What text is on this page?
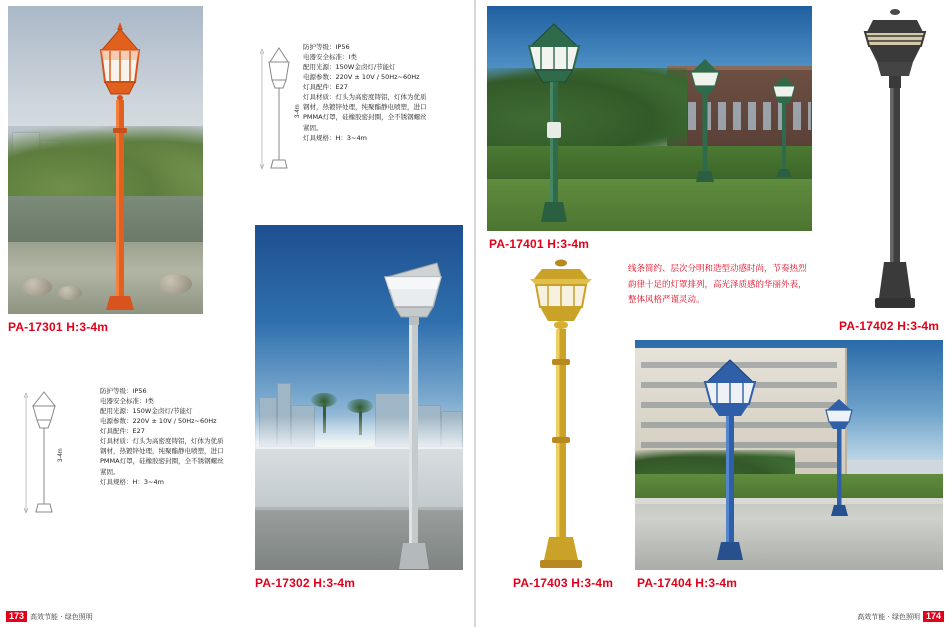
PA-17301 H:3-4m
3-4m
防护等级：IP56
电器安全标准：I类
配用光源：150W金卤灯/节能灯
电源参数：220V ± 10V / 50Hz~60Hz
灯具配件：E27
灯具材质：灯头为高密度铸铝，灯体为优质
钢材，热镀锌处理，纯聚酯静电喷塑，进口
PMMA灯罩，硅橡胶密封圈，全不锈钢螺丝
紧固。
灯具规格：H：3~4m
3-4m
防护等级：IP56
电器安全标准：I类
配用光源：150W金卤灯/节能灯
电源参数：220V ± 10V / 50Hz~60Hz
灯具配件：E27
灯具材质：灯头为高密度铸铝，灯体为优质
钢材，热镀锌处理，纯聚酯静电喷塑，进口
PMMA灯罩，硅橡胶密封圈，全不锈钢螺丝
紧固。
灯具规格：H：3~4m
PA-17302 H:3-4m
PA-17401 H:3-4m
PA-17402 H:3-4m
线条简约、层次分明和造型动感时尚，节奏热烈
韵律十足的灯罩排列，高光泽质感的华丽外表，
整体风格严谨灵动。
PA-17403 H:3-4m PA-17404 H:3-4m
173 高效节能 · 绿色照明	高效节能 · 绿色照明 174
